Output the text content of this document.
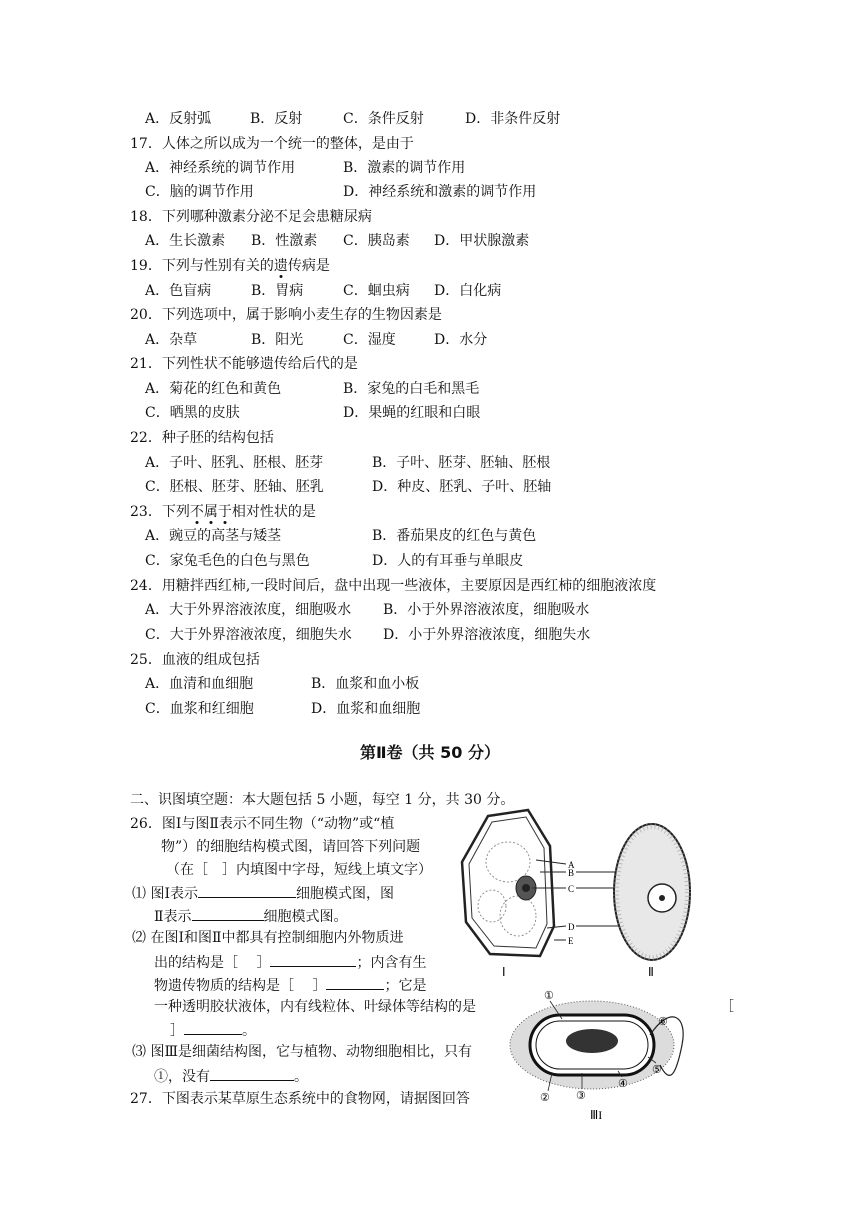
A．反射弧	B．反射	C．条件反射	D．非条件反射
17．人体之所以成为一个统一的整体，是由于
A．神经系统的调节作用	B．激素的调节作用
C．脑的调节作用	D．神经系统和激素的调节作用
18．下列哪种激素分泌不足会患糖尿病
A．生长激素 B．性激素 C．胰岛素 D．甲状腺激素
19．下列与性别有关的遗传病是
A．色盲病	B．胃病	C．蛔虫病 D．白化病
20．下列选项中，属于影响小麦生存的生物因素是
A．杂草	B．阳光	C．湿度	D．水分
21．下列性状不能够遗传给后代的是
A．菊花的红色和黄色	B．家兔的白毛和黑毛
C．晒黑的皮肤	D．果蝇的红眼和白眼
22．种子胚的结构包括
A．子叶、胚乳、胚根、胚芽	B．子叶、胚芽、胚轴、胚根
C．胚根、胚芽、胚轴、胚乳	D．种皮、胚乳、子叶、胚轴
23．下列不属于相对性状的是
A．豌豆的高茎与矮茎	B．番茄果皮的红色与黄色
C．家兔毛色的白色与黑色	D．人的有耳垂与单眼皮
24．用糖拌西红柿,一段时间后，盘中出现一些液体，主要原因是西红柿的细胞液浓度
A．大于外界溶液浓度，细胞吸水 B．小于外界溶液浓度，细胞吸水
C．大于外界溶液浓度，细胞失水 D．小于外界溶液浓度，细胞失水
25．血液的组成包括
A．血清和血细胞	B．血浆和血小板
C．血浆和红细胞	D．血浆和血细胞
第Ⅱ卷（共 50 分）
二、识图填空题：本大题包括 5 小题，每空 1 分，共 30 分。
26．图Ⅰ与图Ⅱ表示不同生物（“动物”或“植
物”）的细胞结构模式图，请回答下列问题
（在［　］内填图中字母，短线上填文字）
⑴ 图Ⅰ表示	细胞模式图，图
Ⅱ表示	细胞模式图。
⑵ 在图Ⅰ和图Ⅱ中都具有控制细胞内外物质进
出的结构是［　 ］	；内含有生
物遗传物质的结构是［　 ］	；它是
一种透明胶状液体，内有线粒体、叶绿体等结构的是	［
］	。
⑶ 图Ⅲ是细菌结构图，它与植物、动物细胞相比，只有
①，没有	。
27．下图表示某草原生态系统中的食物网，请据图回答
A
B
C
D
E
Ⅰ	Ⅱ
①
② ③
④
⑤
⑥
ⅢI
